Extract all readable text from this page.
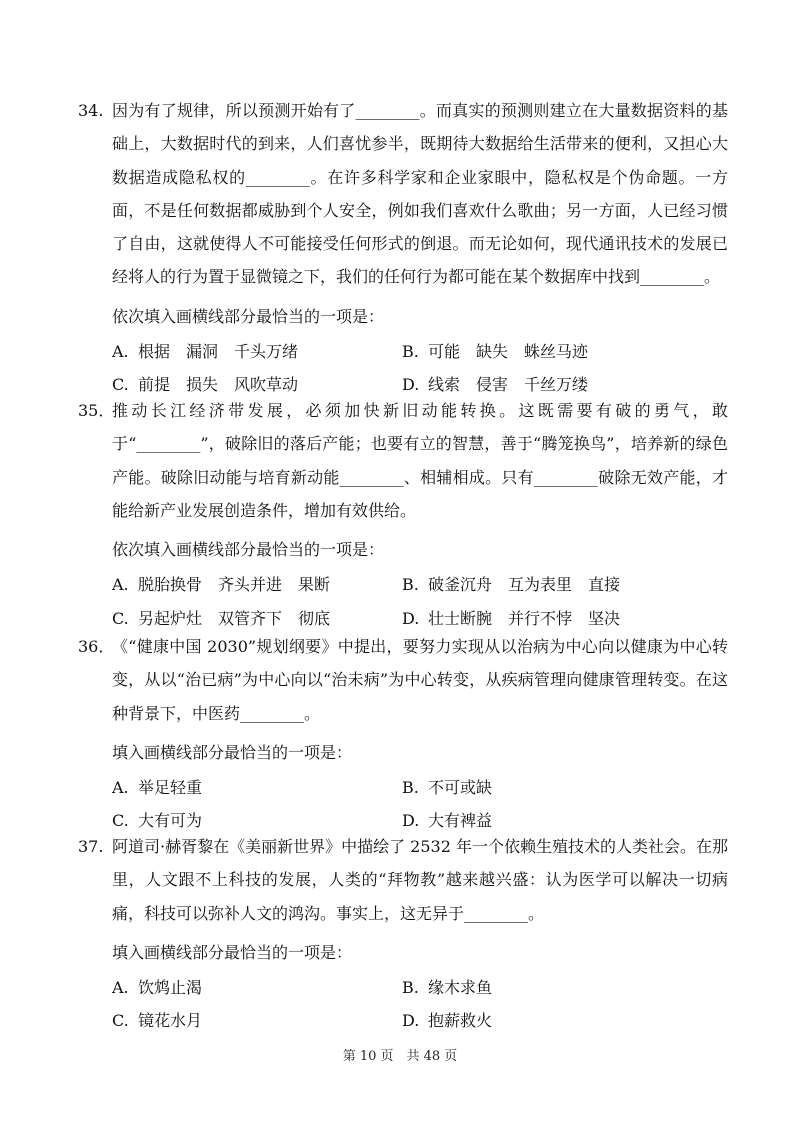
34. 因为有了规律，所以预测开始有了________。而真实的预测则建立在大量数据资料的基础上，大数据时代的到来，人们喜忧参半，既期待大数据给生活带来的便利，又担心大数据造成隐私权的________。在许多科学家和企业家眼中，隐私权是个伪命题。一方面，不是任何数据都威胁到个人安全，例如我们喜欢什么歌曲；另一方面，人已经习惯了自由，这就使得人不可能接受任何形式的倒退。而无论如何，现代通讯技术的发展已经将人的行为置于显微镜之下，我们的任何行为都可能在某个数据库中找到________。
依次填入画横线部分最恰当的一项是：
A. 根据　漏洞　千头万绪	B. 可能　缺失　蛛丝马迹
C. 前提　损失　风吹草动	D. 线索　侵害　千丝万缕
35．
推动长江经济带发展，必须加快新旧动能转换。这既需要有破的勇气，敢于“________”，破除旧的落后产能；也要有立的智慧，善于“腾笼换鸟”，培养新的绿色产能。破除旧动能与培育新动能________、相辅相成。只有________破除无效产能，才能给新产业发展创造条件，增加有效供给。
依次填入画横线部分最恰当的一项是：
A. 脱胎换骨　齐头并进　果断	B. 破釜沉舟　互为表里　直接
C. 另起炉灶　双管齐下　彻底	D. 壮士断腕　并行不悖　坚决
36．
《“健康中国 2030”规划纲要》中提出，要努力实现从以治病为中心向以健康为中心转变，从以“治已病”为中心向以“治未病”为中心转变，从疾病管理向健康管理转变。在这种背景下，中医药________。
填入画横线部分最恰当的一项是：
A. 举足轻重	B. 不可或缺
C. 大有可为	D. 大有裨益
37. 阿道司·赫胥黎在《美丽新世界》中描绘了 2532 年一个依赖生殖技术的人类社会。在那里，人文跟不上科技的发展，人类的“拜物教”越来越兴盛：认为医学可以解决一切病痛，科技可以弥补人文的鸿沟。事实上，这无异于________。
填入画横线部分最恰当的一项是：
A. 饮鸩止渴	B. 缘木求鱼
C. 镜花水月	D. 抱薪救火
第 10 页　共 48 页
